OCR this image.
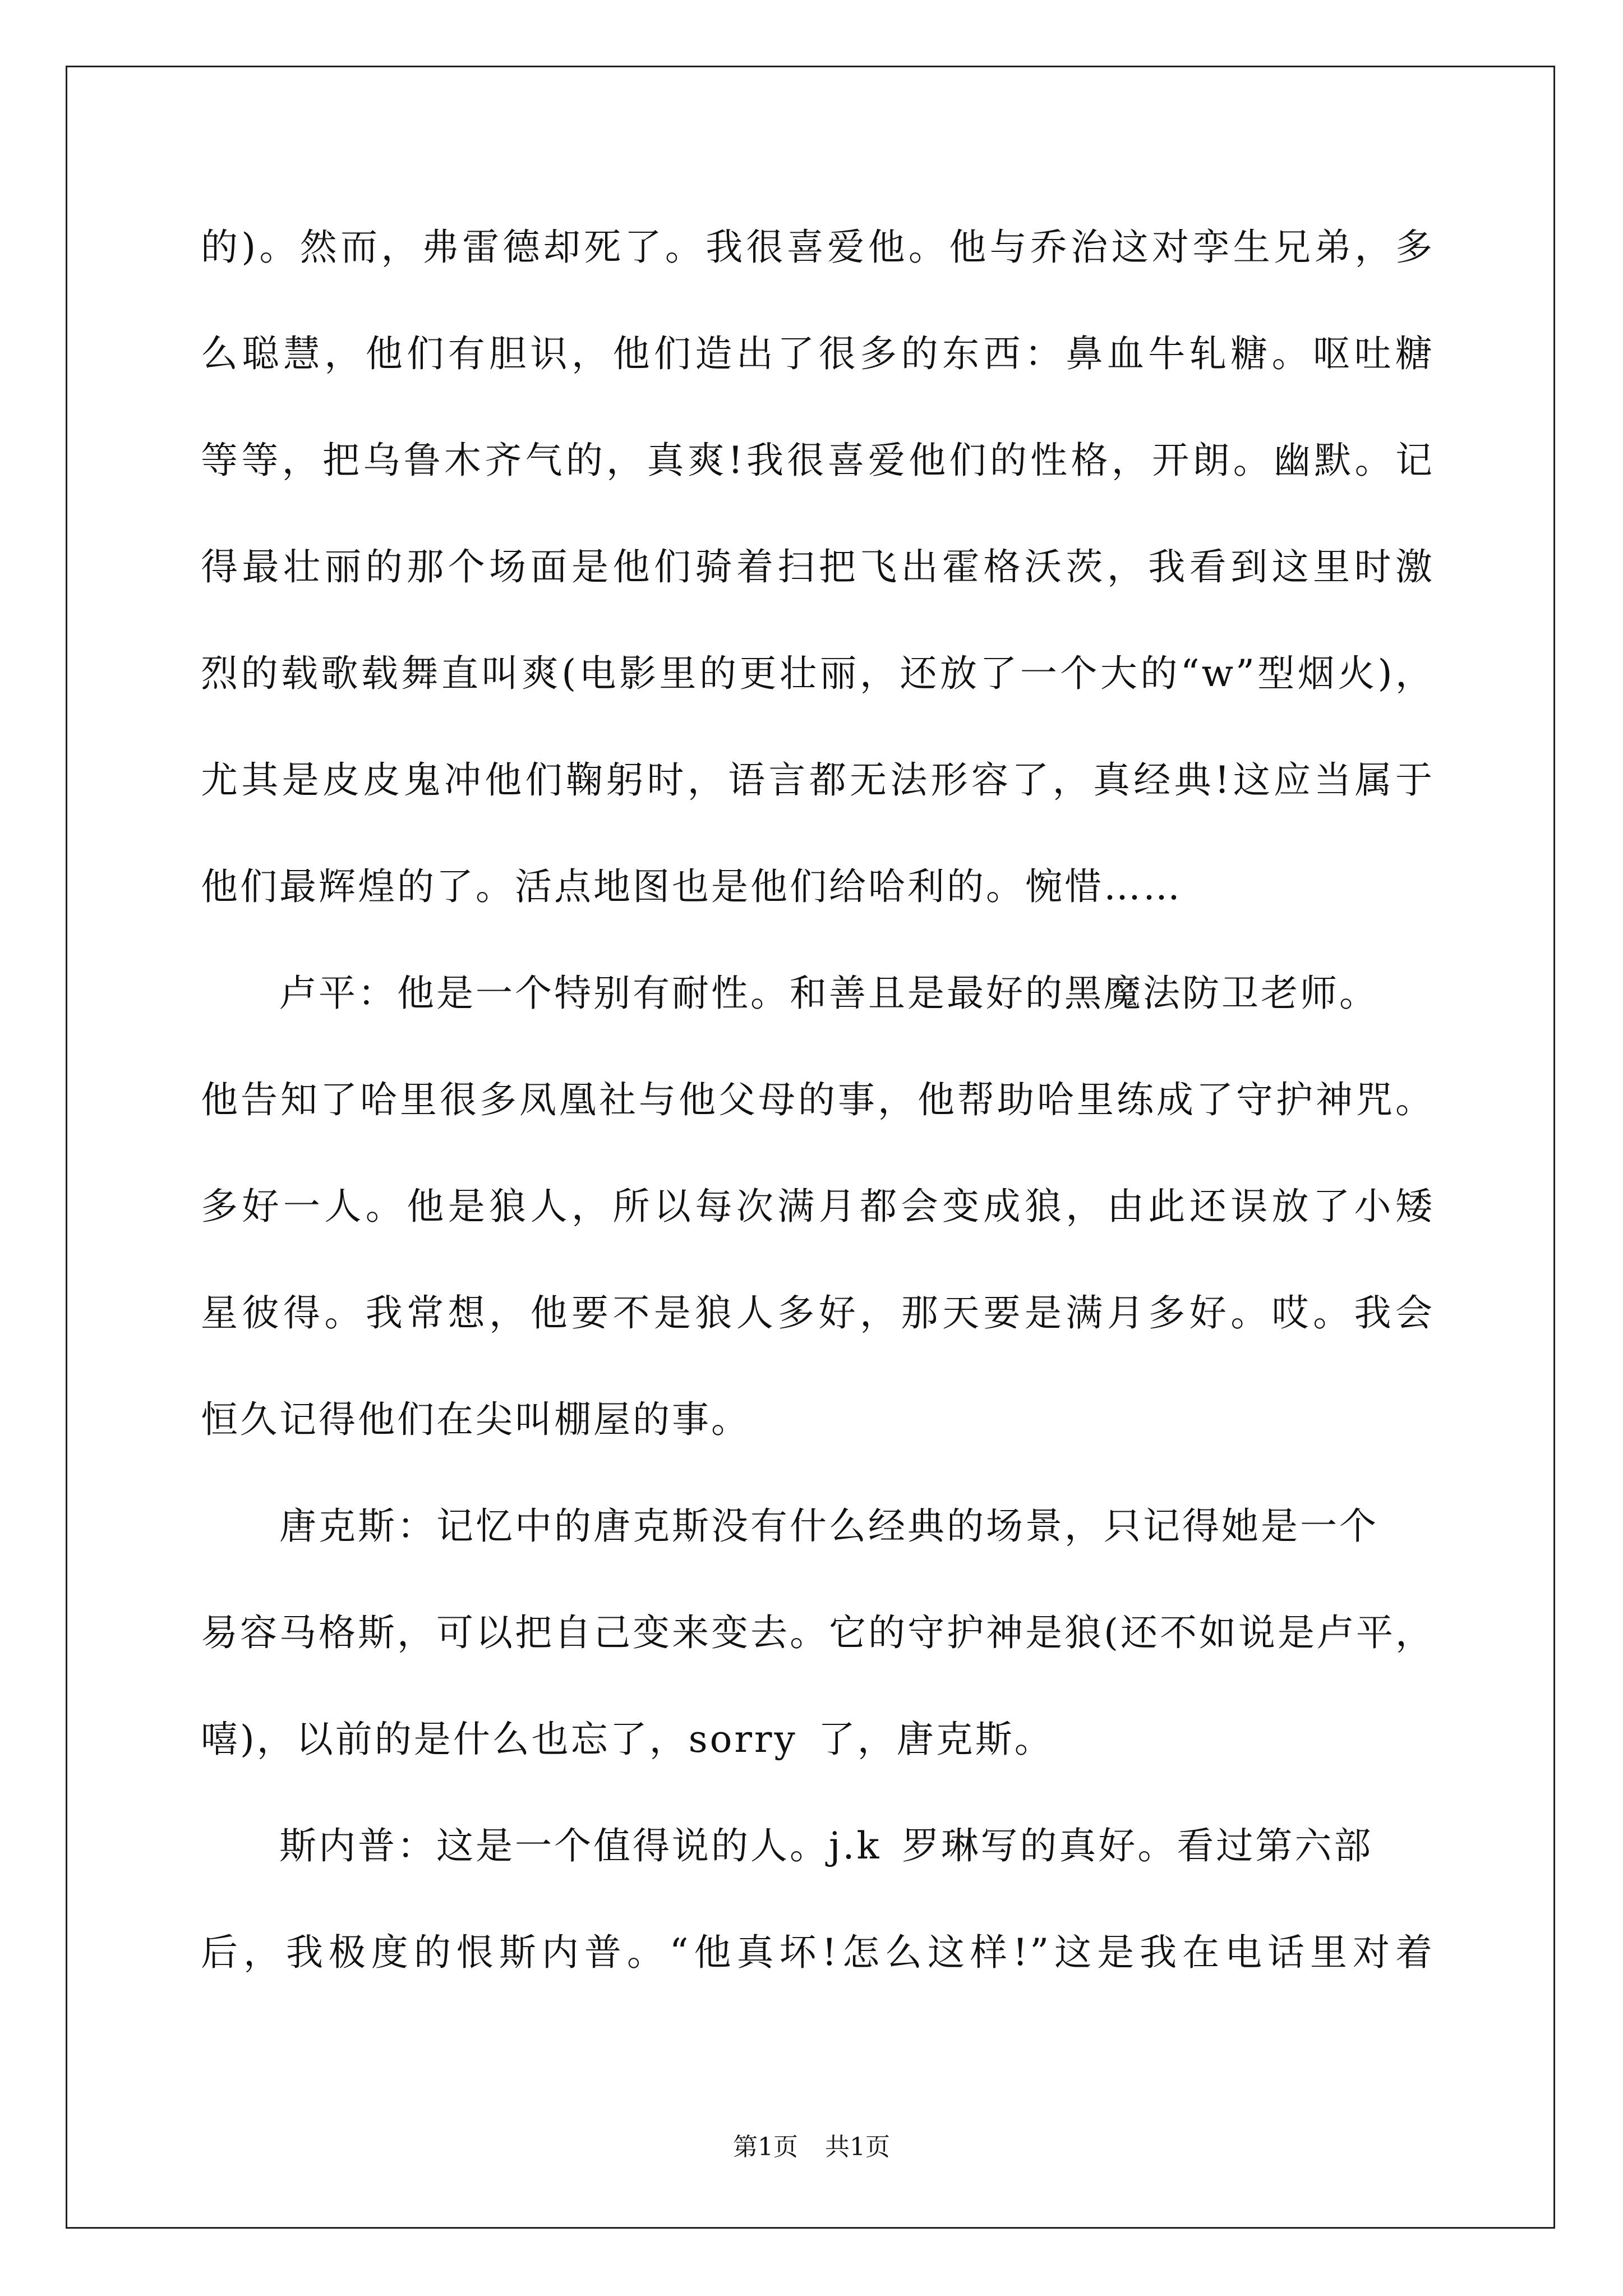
的)。然而，弗雷德却死了。我很喜爱他。他与乔治这对孪生兄弟，多
么聪慧，他们有胆识，他们造出了很多的东西：鼻血牛轧糖。呕吐糖
等等，把乌鲁木齐气的，真爽!我很喜爱他们的性格，开朗。幽默。记
得最壮丽的那个场面是他们骑着扫把飞出霍格沃茨，我看到这里时激
烈的载歌载舞直叫爽(电影里的更壮丽，还放了一个大的“w”型烟火)，
尤其是皮皮鬼冲他们鞠躬时，语言都无法形容了，真经典!这应当属于
他们最辉煌的了。活点地图也是他们给哈利的。惋惜……
卢平：他是一个特别有耐性。和善且是最好的黑魔法防卫老师。
他告知了哈里很多凤凰社与他父母的事，他帮助哈里练成了守护神咒。
多好一人。他是狼人，所以每次满月都会变成狼，由此还误放了小矮
星彼得。我常想，他要不是狼人多好，那天要是满月多好。哎。我会
恒久记得他们在尖叫棚屋的事。
唐克斯：记忆中的唐克斯没有什么经典的场景，只记得她是一个
易容马格斯，可以把自己变来变去。它的守护神是狼(还不如说是卢平，
嘻)，以前的是什么也忘了，sorry 了，唐克斯。
斯内普：这是一个值得说的人。j.k 罗琳写的真好。看过第六部
后，我极度的恨斯内普。“他真坏!怎么这样!”这是我在电话里对着
第1页 共1页
